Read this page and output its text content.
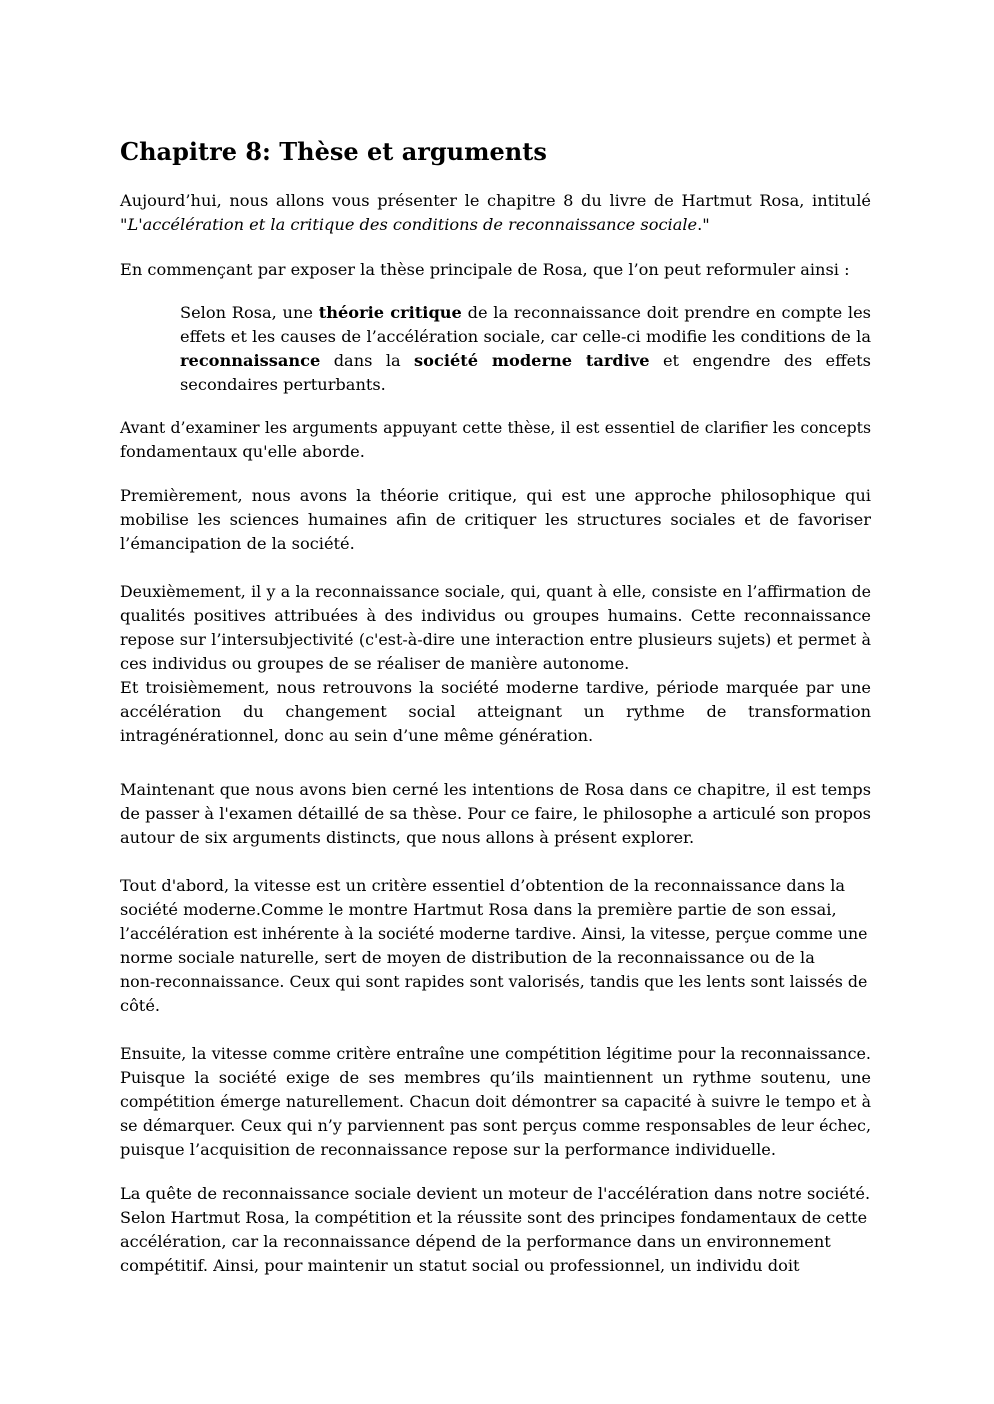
Chapitre 8: Thèse et arguments

Aujourd’hui, nous allons vous présenter le chapitre 8 du livre de Hartmut Rosa, intitulé
"L'accélération et la critique des conditions de reconnaissance sociale."

En commençant par exposer la thèse principale de Rosa, que l’on peut reformuler ainsi :

Selon Rosa, une théorie critique de la reconnaissance doit prendre en compte les
effets et les causes de l’accélération sociale, car celle-ci modifie les conditions de la
reconnaissance dans la société moderne tardive et engendre des effets
secondaires perturbants.

Avant d’examiner les arguments appuyant cette thèse, il est essentiel de clarifier les concepts
fondamentaux qu'elle aborde.

Premièrement, nous avons la théorie critique, qui est une approche philosophique qui
mobilise les sciences humaines afin de critiquer les structures sociales et de favoriser
l’émancipation de la société.

Deuxièmement, il y a la reconnaissance sociale, qui, quant à elle, consiste en l’affirmation de
qualités positives attribuées à des individus ou groupes humains. Cette reconnaissance
repose sur l’intersubjectivité (c'est-à-dire une interaction entre plusieurs sujets) et permet à
ces individus ou groupes de se réaliser de manière autonome.

Et troisièmement, nous retrouvons la société moderne tardive, période marquée par une
accélération du changement social atteignant un rythme de transformation
intragénérationnel, donc au sein d’une même génération.

Maintenant que nous avons bien cerné les intentions de Rosa dans ce chapitre, il est temps
de passer à l'examen détaillé de sa thèse. Pour ce faire, le philosophe a articulé son propos
autour de six arguments distincts, que nous allons à présent explorer.

Tout d'abord, la vitesse est un critère essentiel d’obtention de la reconnaissance dans la
société moderne.Comme le montre Hartmut Rosa dans la première partie de son essai,
l’accélération est inhérente à la société moderne tardive. Ainsi, la vitesse, perçue comme une
norme sociale naturelle, sert de moyen de distribution de la reconnaissance ou de la
non-reconnaissance. Ceux qui sont rapides sont valorisés, tandis que les lents sont laissés de
côté.

Ensuite, la vitesse comme critère entraîne une compétition légitime pour la reconnaissance.
Puisque la société exige de ses membres qu’ils maintiennent un rythme soutenu, une
compétition émerge naturellement. Chacun doit démontrer sa capacité à suivre le tempo et à
se démarquer. Ceux qui n’y parviennent pas sont perçus comme responsables de leur échec,
puisque l’acquisition de reconnaissance repose sur la performance individuelle.

La quête de reconnaissance sociale devient un moteur de l'accélération dans notre société.
Selon Hartmut Rosa, la compétition et la réussite sont des principes fondamentaux de cette
accélération, car la reconnaissance dépend de la performance dans un environnement
compétitif. Ainsi, pour maintenir un statut social ou professionnel, un individu doit
